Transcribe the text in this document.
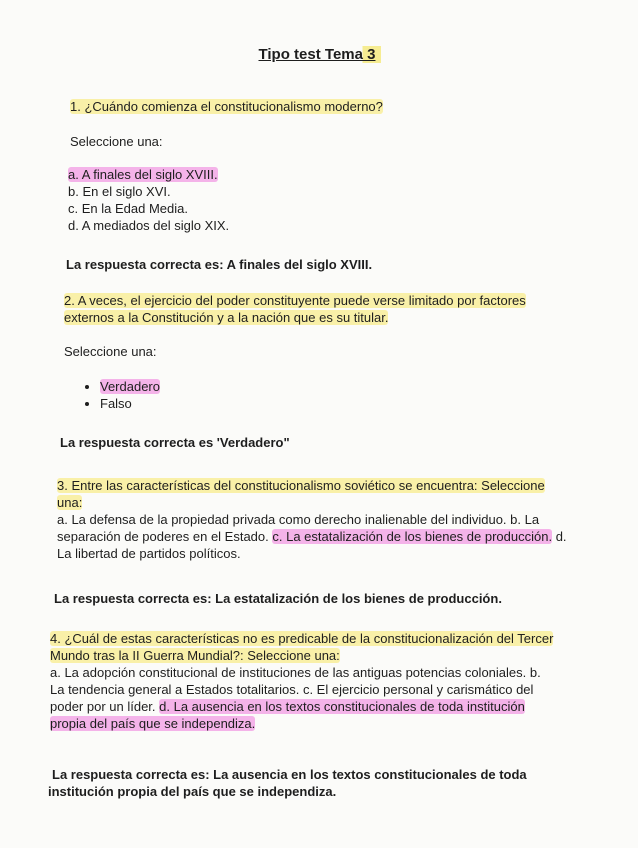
Tipo test Tema 3
1. ¿Cuándo comienza el constitucionalismo moderno?
Seleccione una:
a. A finales del siglo XVIII.
b. En el siglo XVI.
c. En la Edad Media.
d. A mediados del siglo XIX.
La respuesta correcta es: A finales del siglo XVIII.
2. A veces, el ejercicio del poder constituyente puede verse limitado por factores
externos a la Constitución y a la nación que es su titular.
Seleccione una:
• Verdadero
• Falso
La respuesta correcta es 'Verdadero"
3. Entre las características del constitucionalismo soviético se encuentra: Seleccione
una:
a. La defensa de la propiedad privada como derecho inalienable del individuo. b. La
separación de poderes en el Estado. c. La estatalización de los bienes de producción. d.
La libertad de partidos políticos.
La respuesta correcta es: La estatalización de los bienes de producción.
4. ¿Cuál de estas características no es predicable de la constitucionalización del Tercer
Mundo tras la II Guerra Mundial?: Seleccione una:
a. La adopción constitucional de instituciones de las antiguas potencias coloniales. b.
La tendencia general a Estados totalitarios. c. El ejercicio personal y carismático del
poder por un líder. d. La ausencia en los textos constitucionales de toda institución
propia del país que se independiza.
La respuesta correcta es: La ausencia en los textos constitucionales de toda
institución propia del país que se independiza.
